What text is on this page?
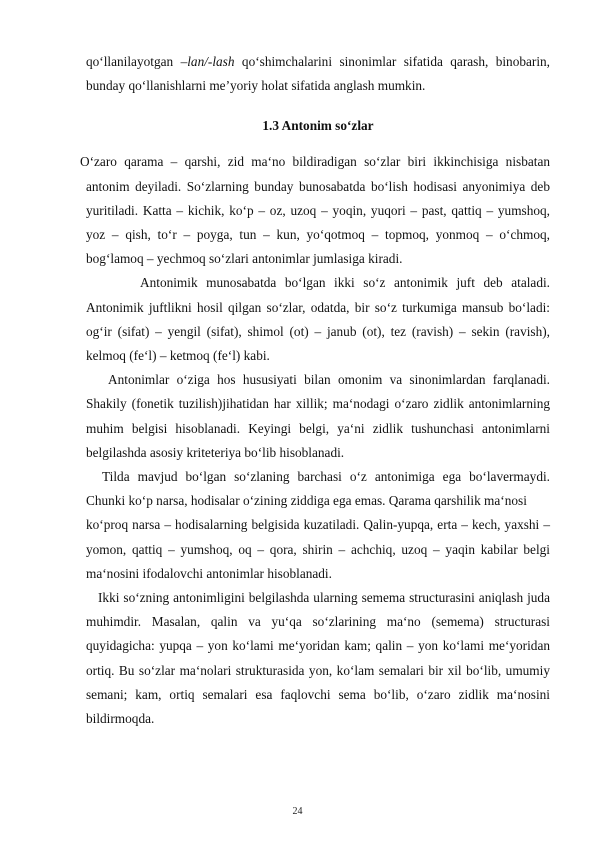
qo‘llanilayotgan –lan/-lash qo‘shimchalarini sinonimlar sifatida qarash, binobarin, bunday qo‘llanishlarni me’yoriy holat sifatida anglash mumkin.

1.3 Antonim so‘zlar

O‘zaro qarama – qarshi, zid ma‘no bildiradigan so‘zlar biri ikkinchisiga nisbatan antonim deyiladi. So‘zlarning bunday bunosabatda bo‘lish hodisasi anyonimiya deb yuritiladi. Katta – kichik, ko‘p – oz, uzoq – yoqin, yuqori – past, qattiq – yumshoq, yoz – qish, to‘r – poyga, tun – kun, yo‘qotmoq – topmoq, yonmoq – o‘chmoq, bog‘lamoq – yechmoq so‘zlari antonimlar jumlasiga kiradi.

Antonimik munosabatda bo‘lgan ikki so‘z antonimik juft deb ataladi. Antonimik juftlikni hosil qilgan so‘zlar, odatda, bir so‘z turkumiga mansub bo‘ladi: og‘ir (sifat) – yengil (sifat), shimol (ot) – janub (ot), tez (ravish) – sekin (ravish), kelmoq (fe‘l) – ketmoq (fe‘l) kabi.

Antonimlar o‘ziga hos hususiyati bilan omonim va sinonimlardan farqlanadi. Shakily (fonetik tuzilish)jihatidan har xillik; ma‘nodagi o‘zaro zidlik antonimlarning muhim belgisi hisoblanadi. Keyingi belgi, ya‘ni zidlik tushunchasi antonimlarni belgilashda asosiy kriteteriya bo‘lib hisoblanadi.

Tilda mavjud bo‘lgan so‘zlaning barchasi o‘z antonimiga ega bo‘lavermaydi. Chunki ko‘p narsa, hodisalar o‘zining ziddiga ega emas. Qarama qarshilik ma‘nosi

ko‘proq narsa – hodisalarning belgisida kuzatiladi. Qalin-yupqa, erta – kech, yaxshi – yomon, qattiq – yumshoq, oq – qora, shirin – achchiq, uzoq – yaqin kabilar belgi ma‘nosini ifodalovchi antonimlar hisoblanadi.

Ikki so‘zning antonimligini belgilashda ularning semema structurasini aniqlash juda muhimdir. Masalan, qalin va yu‘qa so‘zlarining ma‘no (semema) structurasi quyidagicha: yupqa – yon ko‘lami me‘yoridan kam; qalin – yon ko‘lami me‘yoridan ortiq. Bu so‘zlar ma‘nolari strukturasida yon, ko‘lam semalari bir xil bo‘lib, umumiy semani; kam, ortiq semalari esa faqlovchi sema bo‘lib, o‘zaro zidlik ma‘nosini bildirmoqda.

24
